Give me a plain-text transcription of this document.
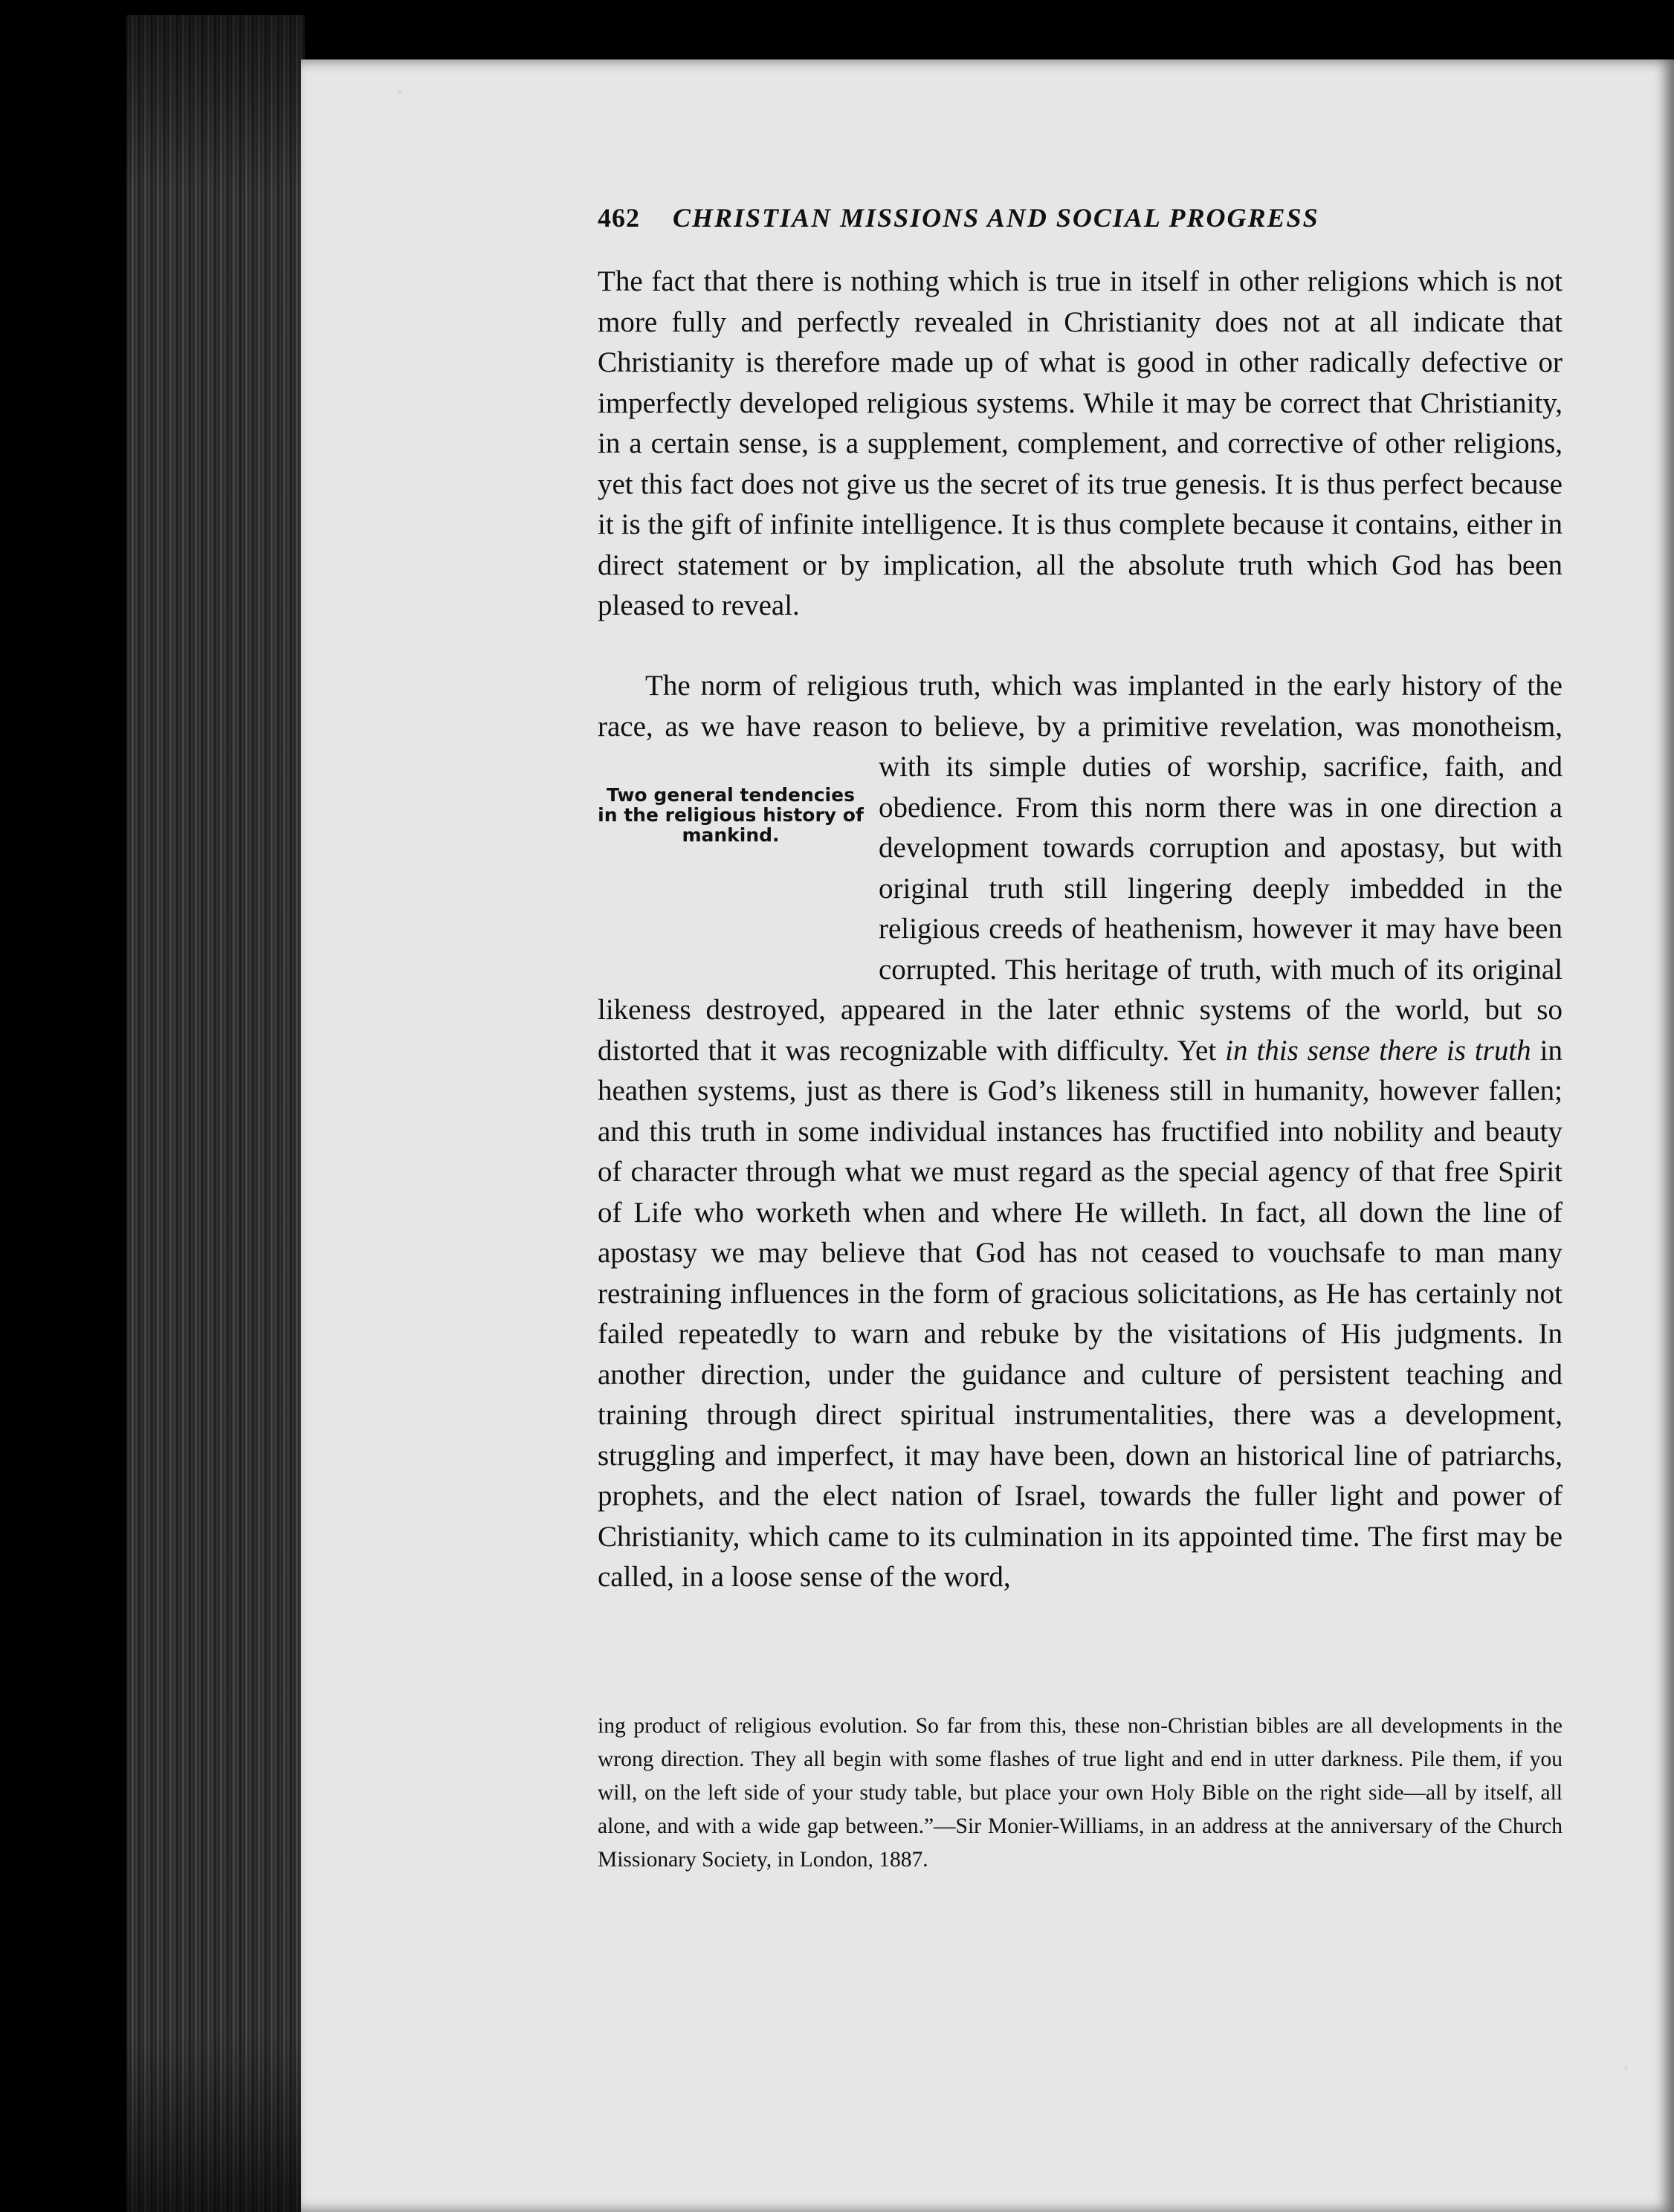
462 CHRISTIAN MISSIONS AND SOCIAL PROGRESS
The fact that there is nothing which is true in itself in other religions which is not more fully and perfectly revealed in Christianity does not at all indicate that Christianity is therefore made up of what is good in other radically defective or imperfectly developed religious systems. While it may be correct that Christianity, in a certain sense, is a supplement, complement, and corrective of other religions, yet this fact does not give us the secret of its true genesis. It is thus perfect because it is the gift of infinite intelligence. It is thus complete because it contains, either in direct statement or by implication, all the absolute truth which God has been pleased to reveal.
The norm of religious truth, which was implanted in the early history of the race, as we have reason to believe, by a primitive revelation, was monotheism, with its simple duties of worship, sacrifice, faith, and obedience. From this norm there was in one direction a development towards corruption and apostasy, but with original truth still lingering deeply imbedded in the religious creeds of heathenism, however it may have been corrupted. This heritage of truth, with much of its original likeness destroyed, appeared in the later ethnic systems of the world, but so distorted that it was recognizable with difficulty. Yet in this sense there is truth in heathen systems, just as there is God’s likeness still in humanity, however fallen; and this truth in some individual instances has fructified into nobility and beauty of character through what we must regard as the special agency of that free Spirit of Life who worketh when and where He willeth. In fact, all down the line of apostasy we may believe that God has not ceased to vouchsafe to man many restraining influences in the form of gracious solicitations, as He has certainly not failed repeatedly to warn and rebuke by the visitations of His judgments. In another direction, under the guidance and culture of persistent teaching and training through direct spiritual instrumentalities, there was a development, struggling and imperfect, it may have been, down an historical line of patriarchs, prophets, and the elect nation of Israel, towards the fuller light and power of Christianity, which came to its culmination in its appointed time. The first may be called, in a loose sense of the word,
Two general tendencies in the religious history of mankind.
ing product of religious evolution. So far from this, these non-Christian bibles are all developments in the wrong direction. They all begin with some flashes of true light and end in utter darkness. Pile them, if you will, on the left side of your study table, but place your own Holy Bible on the right side—all by itself, all alone, and with a wide gap between.”—Sir Monier-Williams, in an address at the anniversary of the Church Missionary Society, in London, 1887.
